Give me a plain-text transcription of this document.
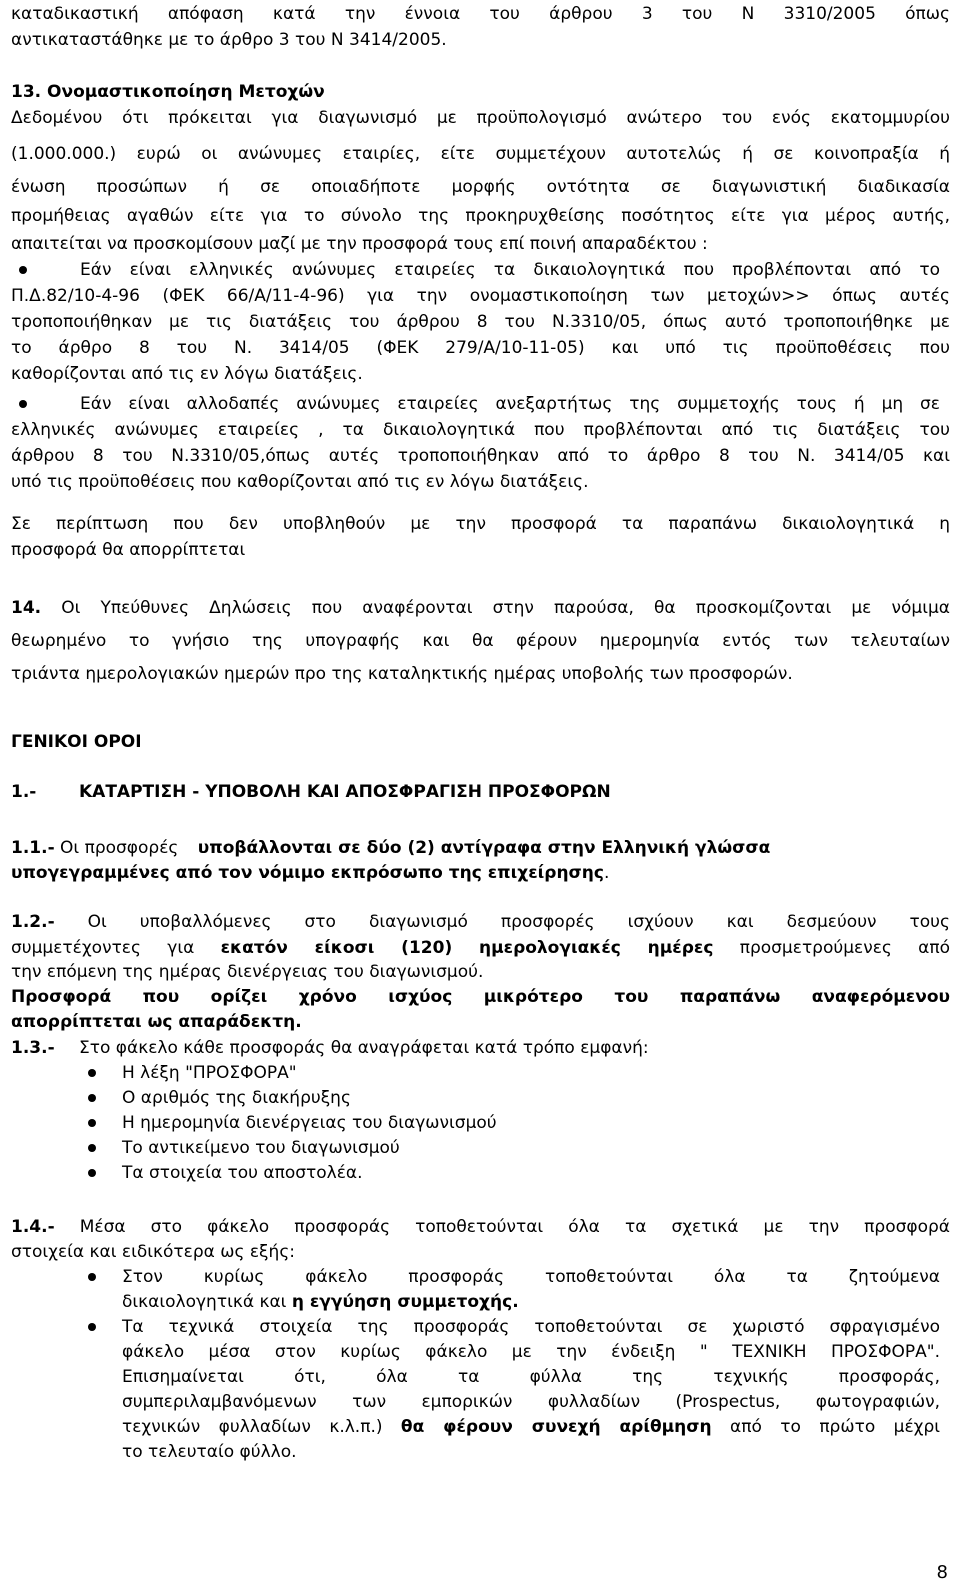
καταδικαστική απόφαση κατά την έννοια του άρθρου 3 του Ν 3310/2005 όπως
αντικαταστάθηκε με το άρθρο 3 του Ν 3414/2005.
13. Ονομαστικοποίηση Μετοχών
Δεδομένου ότι πρόκειται για διαγωνισμό με προϋπολογισμό ανώτερο του ενός εκατομμυρίου
(1.000.000.) ευρώ οι ανώνυμες εταιρίες, είτε συμμετέχουν αυτοτελώς ή σε κοινοπραξία ή
ένωση προσώπων ή σε οποιαδήποτε μορφής οντότητα σε διαγωνιστική διαδικασία
προμήθειας αγαθών είτε για το σύνολο της προκηρυχθείσης ποσότητος είτε για μέρος αυτής,
απαιτείται να προσκομίσουν μαζί με την προσφορά τους επί ποινή απαραδέκτου :
Εάν είναι ελληνικές ανώνυμες εταιρείες τα δικαιολογητικά που προβλέπονται από το
Π.Δ.82/10-4-96 (ΦΕΚ 66/Α/11-4-96) για την ονομαστικοποίηση των μετοχών>> όπως αυτές
τροποποιήθηκαν με τις διατάξεις του άρθρου 8 του Ν.3310/05, όπως αυτό τροποποιήθηκε με
το άρθρο 8 του Ν. 3414/05 (ΦΕΚ 279/Α/10-11-05) και υπό τις προϋποθέσεις που
καθορίζονται από τις εν λόγω διατάξεις.
Εάν είναι αλλοδαπές ανώνυμες εταιρείες ανεξαρτήτως της συμμετοχής τους ή μη σε
ελληνικές ανώνυμες εταιρείες , τα δικαιολογητικά που προβλέπονται από τις διατάξεις του
άρθρου 8 του Ν.3310/05,όπως αυτές τροποποιήθηκαν από το άρθρο 8 του Ν. 3414/05 και
υπό τις προϋποθέσεις που καθορίζονται από τις εν λόγω διατάξεις.
Σε περίπτωση που δεν υποβληθούν με την προσφορά τα παραπάνω δικαιολογητικά η
προσφορά θα απορρίπτεται
14. Οι Υπεύθυνες Δηλώσεις που αναφέρονται στην παρούσα, θα προσκομίζονται με νόμιμα
θεωρημένο το γνήσιο της υπογραφής και θα φέρουν ημερομηνία εντός των τελευταίων
τριάντα ημερολογιακών ημερών προ της καταληκτικής ημέρας υποβολής των προσφορών.
ΓΕΝΙΚΟΙ ΟΡΟΙ
1.-	ΚΑΤΑΡΤΙΣΗ - ΥΠΟΒΟΛΗ ΚΑΙ ΑΠΟΣΦΡΑΓΙΣΗ ΠΡΟΣΦΟΡΩΝ
1.1.- Οι προσφορές υποβάλλονται σε δύο (2) αντίγραφα στην Ελληνική γλώσσα
υπογεγραμμένες από τον νόμιμο εκπρόσωπο της επιχείρησης.
1.2.- Οι υποβαλλόμενες στο διαγωνισμό προσφορές ισχύουν και δεσμεύουν τους
συμμετέχοντες για εκατόν είκοσι (120) ημερολογιακές ημέρες προσμετρούμενες από
την επόμενη της ημέρας διενέργειας του διαγωνισμού.
Προσφορά που ορίζει χρόνο ισχύος μικρότερο του παραπάνω αναφερόμενου
απορρίπτεται ως απαράδεκτη.
1.3.- Στο φάκελο κάθε προσφοράς θα αναγράφεται κατά τρόπο εμφανή:
Η λέξη "ΠΡΟΣΦΟΡΑ"
Ο αριθμός της διακήρυξης
Η ημερομηνία διενέργειας του διαγωνισμού
Το αντικείμενο του διαγωνισμού
Τα στοιχεία του αποστολέα.
1.4.- Μέσα στο φάκελο προσφοράς τοποθετούνται όλα τα σχετικά με την προσφορά
στοιχεία και ειδικότερα ως εξής:
Στον κυρίως φάκελο προσφοράς τοποθετούνται όλα τα ζητούμενα
δικαιολογητικά και η εγγύηση συμμετοχής.
Τα τεχνικά στοιχεία της προσφοράς τοποθετούνται σε χωριστό σφραγισμένο
φάκελο μέσα στον κυρίως φάκελο με την ένδειξη " ΤΕΧΝΙΚΗ ΠΡΟΣΦΟΡΑ".
Επισημαίνεται ότι, όλα τα φύλλα της τεχνικής προσφοράς,
συμπεριλαμβανόμενων των εμπορικών φυλλαδίων (Prospectus, φωτογραφιών,
τεχνικών φυλλαδίων κ.λ.π.) θα φέρουν συνεχή αρίθμηση από το πρώτο μέχρι
το τελευταίο φύλλο.
8
